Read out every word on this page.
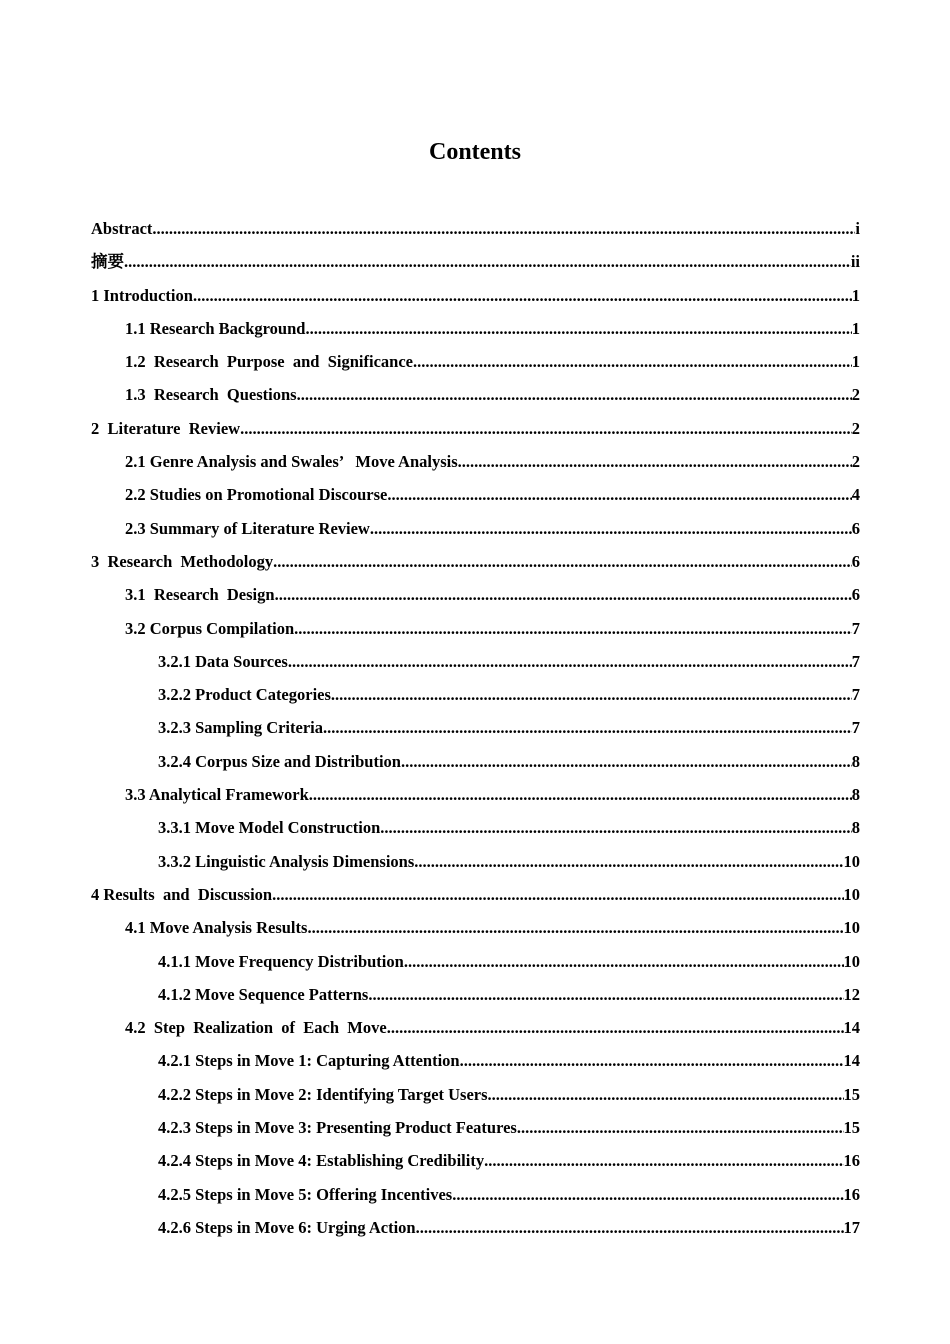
Contents
Abstract .....	i
摘要 .....	ii
1 Introduction .....	1
1.1 Research Background .....	1
1.2  Research  Purpose  and  Significance .....	1
1.3  Research  Questions .....	2
2  Literature  Review .....	2
2.1 Genre Analysis and Swales’   Move Analysis .....	2
2.2 Studies on Promotional Discourse .....	4
2.3 Summary of Literature Review .....	6
3  Research  Methodology .....	6
3.1  Research  Design .....	6
3.2 Corpus Compilation .....	7
3.2.1 Data Sources .....	7
3.2.2 Product Categories .....	7
3.2.3 Sampling Criteria .....	7
3.2.4 Corpus Size and Distribution .....	8
3.3 Analytical Framework .....	8
3.3.1 Move Model Construction .....	8
3.3.2 Linguistic Analysis Dimensions .....	10
4 Results  and  Discussion .....	10
4.1 Move Analysis Results .....	10
4.1.1 Move Frequency Distribution .....	10
4.1.2 Move Sequence Patterns .....	12
4.2  Step  Realization  of  Each  Move .....	14
4.2.1 Steps in Move 1: Capturing Attention .....	14
4.2.2 Steps in Move 2: Identifying Target Users .....	15
4.2.3 Steps in Move 3: Presenting Product Features .....	15
4.2.4 Steps in Move 4: Establishing Credibility .....	16
4.2.5 Steps in Move 5: Offering Incentives .....	16
4.2.6 Steps in Move 6: Urging Action .....	17
